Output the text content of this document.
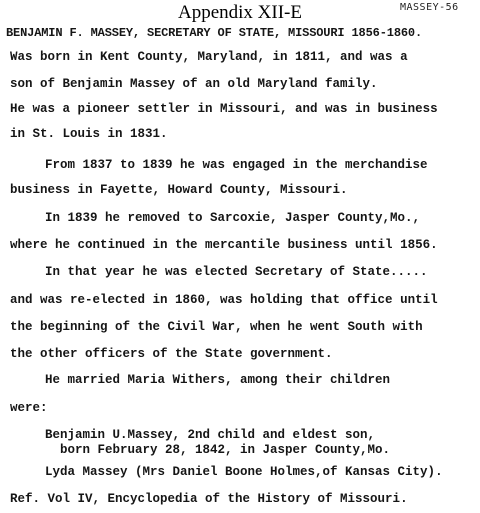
Appendix XII-E	MASSEY-56
BENJAMIN F. MASSEY, SECRETARY OF STATE, MISSOURI 1856-1860.
Was born in Kent County, Maryland, in 1811, and was a
son of Benjamin Massey of an old Maryland family.
He was a pioneer settler in Missouri, and was in business
in St. Louis in 1831.
From 1837 to 1839 he was engaged in the merchandise
business in Fayette, Howard County, Missouri.
In 1839 he removed to Sarcoxie, Jasper County,Mo.,
where he continued in the mercantile business until 1856.
In that year he was elected Secretary of State.....
and was re-elected in 1860, was holding that office until
the beginning of the Civil War, when he went South with
the other officers of the State government.
He married Maria Withers, among their children
were:
Benjamin U.Massey, 2nd child and eldest son,
born February 28, 1842, in Jasper County,Mo.
Lyda Massey (Mrs Daniel Boone Holmes,of Kansas City).
Ref. Vol IV, Encyclopedia of the History of Missouri.
